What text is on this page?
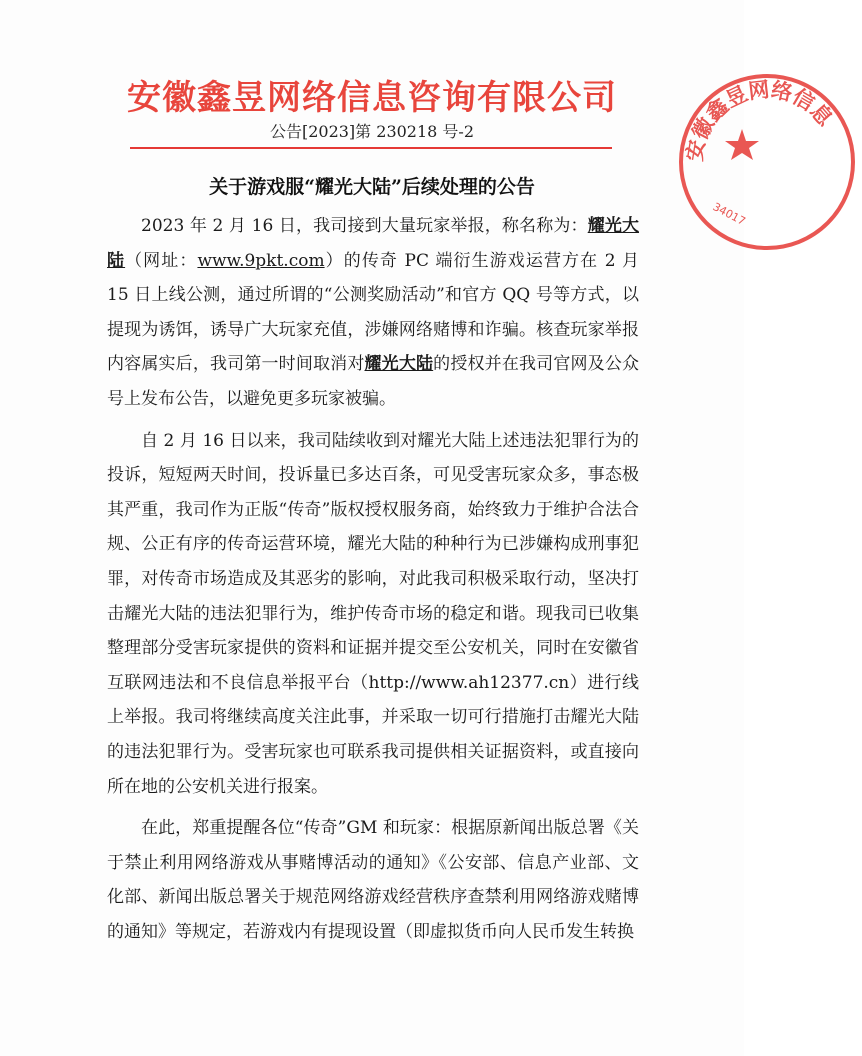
安徽鑫昱网络信息咨询有限公司
公告[2023]第 230218 号-2
关于游戏服“耀光大陆”后续处理的公告

2023 年 2 月 16 日，我司接到大量玩家举报，称名称为：耀光大陆（网址：www.9pkt.com）的传奇 PC 端衍生游戏运营方在 2 月 15 日上线公测，通过所谓的“公测奖励活动”和官方 QQ 号等方式，以提现为诱饵，诱导广大玩家充值，涉嫌网络赌博和诈骗。核查玩家举报内容属实后，我司第一时间取消对耀光大陆的授权并在我司官网及公众号上发布公告，以避免更多玩家被骗。

自 2 月 16 日以来，我司陆续收到对耀光大陆上述违法犯罪行为的投诉，短短两天时间，投诉量已多达百条，可见受害玩家众多，事态极其严重，我司作为正版“传奇”版权授权服务商，始终致力于维护合法合规、公正有序的传奇运营环境，耀光大陆的种种行为已涉嫌构成刑事犯罪，对传奇市场造成及其恶劣的影响，对此我司积极采取行动，坚决打击耀光大陆的违法犯罪行为，维护传奇市场的稳定和谐。现我司已收集整理部分受害玩家提供的资料和证据并提交至公安机关，同时在安徽省互联网违法和不良信息举报平台（http://www.ah12377.cn）进行线上举报。我司将继续高度关注此事，并采取一切可行措施打击耀光大陆的违法犯罪行为。受害玩家也可联系我司提供相关证据资料，或直接向所在地的公安机关进行报案。

在此，郑重提醒各位“传奇”GM 和玩家：根据原新闻出版总署《关于禁止利用网络游戏从事赌博活动的通知》《公安部、信息产业部、文化部、新闻出版总署关于规范网络游戏经营秩序查禁利用网络游戏赌博的通知》等规定，若游戏内有提现设置（即虚拟货币向人民币发生转换

安徽鑫昱网络信息
34017
